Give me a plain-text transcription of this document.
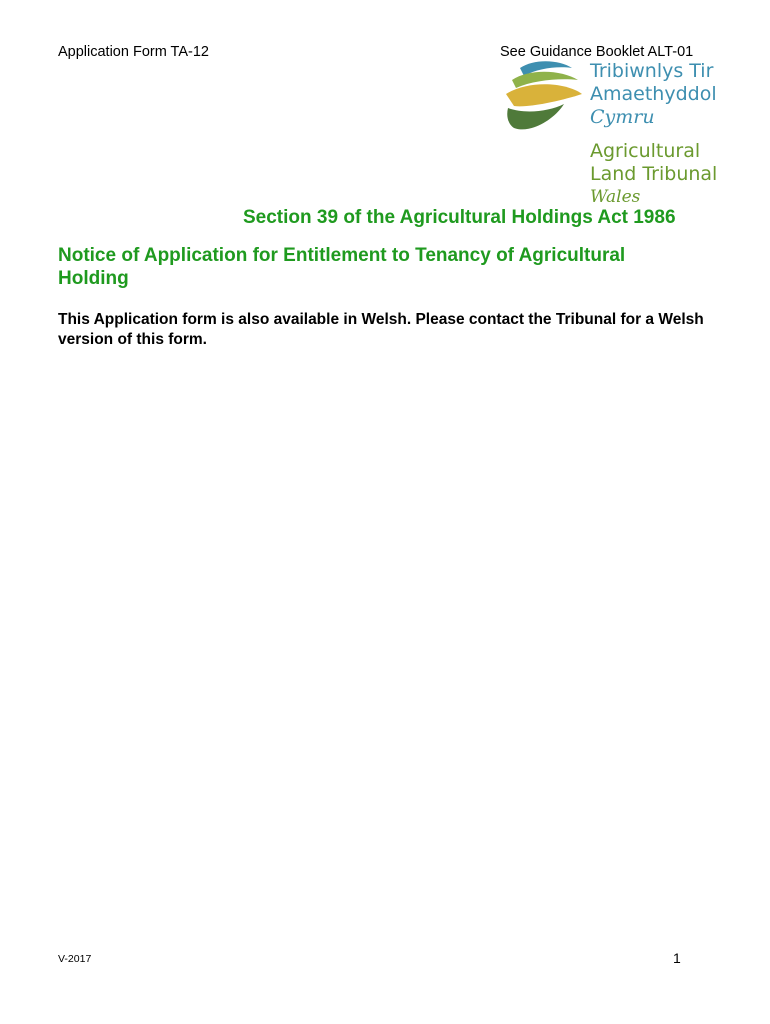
Application Form TA-12	See Guidance Booklet ALT-01
Tribiwnlys Tir
Amaethyddol
Cymru
Agricultural
Land Tribunal
Wales
Section 39 of the Agricultural Holdings Act 1986
Notice of Application for Entitlement to Tenancy of Agricultural Holding
This Application form is also available in Welsh. Please contact the Tribunal for a Welsh version of this form.
V-2017	1
